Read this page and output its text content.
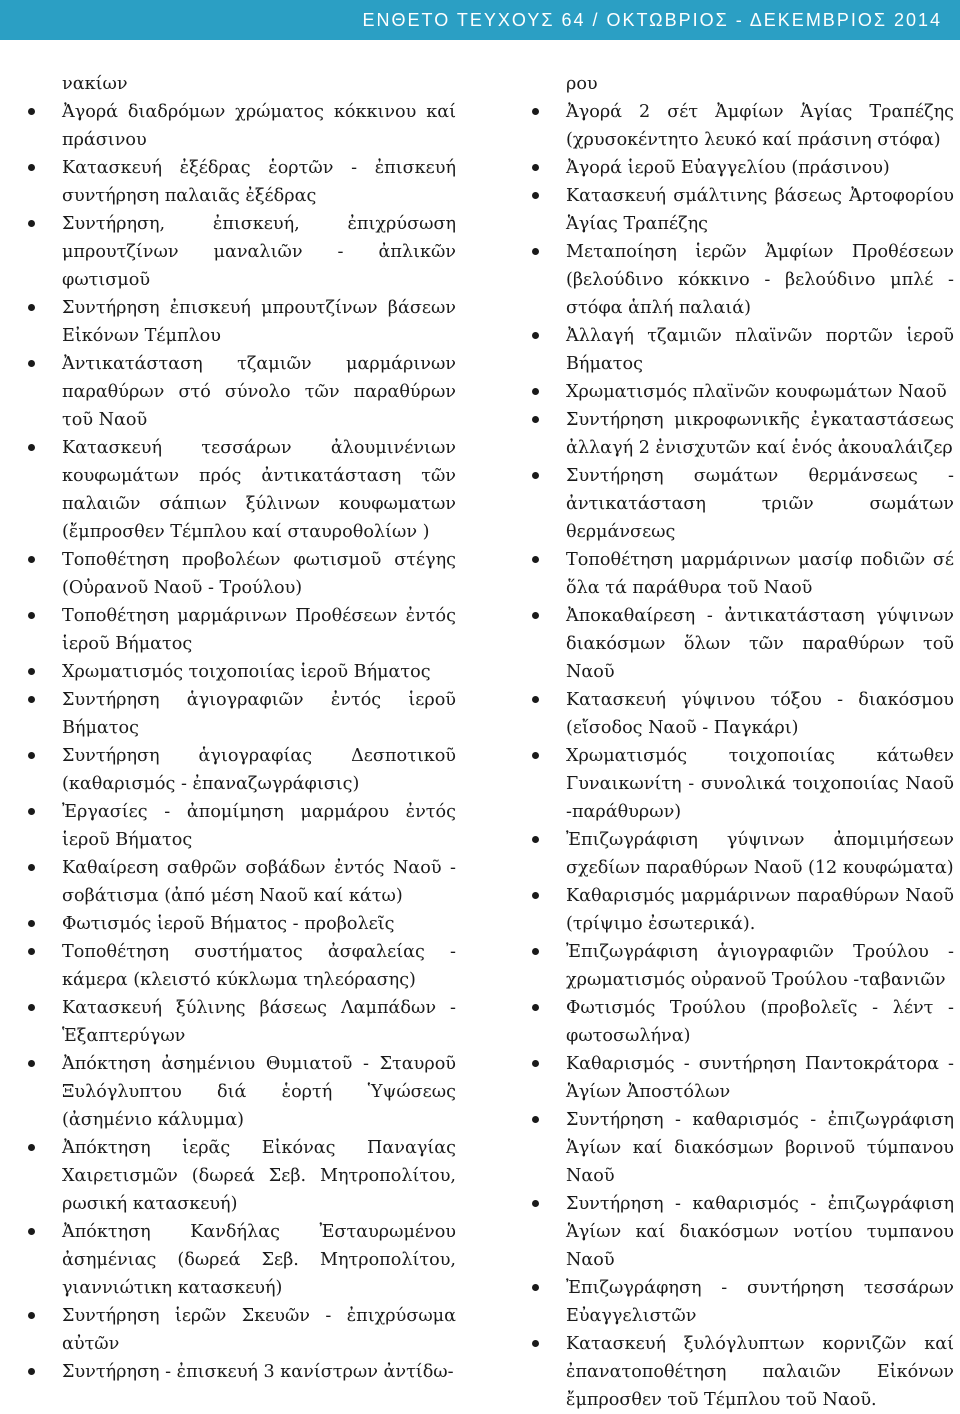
ΕΝΘΕΤΟ ΤΕΥΧΟΥΣ 64 / ΟΚΤΩΒΡΙΟΣ - ΔΕΚΕΜΒΡΙΟΣ 2014

νακίων

Ἀγορά διαδρόμων χρώματος κόκκινου καί πράσινου
Κατασκευή ἐξέδρας ἑορτῶν - ἐπισκευή συντήρηση παλαιᾶς ἐξέδρας
Συντήρηση, ἐπισκευή, ἐπιχρύσωση μπρουτζίνων μαναλιῶν - ἀπλικῶν φωτισμοῦ
Συντήρηση ἐπισκευή μπρουτζίνων βάσεων Εἰκόνων Τέμπλου
Ἀντικατάσταση τζαμιῶν μαρμάρινων παραθύρων στό σύνολο τῶν παραθύρων τοῦ Ναοῦ
Κατασκευή τεσσάρων ἀλουμινένιων κουφωμάτων πρός ἀντικατάσταση τῶν παλαιῶν σάπιων ξύλινων κουφωματων (ἔμπροσθεν Τέμπλου καί σταυροθολίων )
Τοποθέτηση προβολέων φωτισμοῦ στέγης (Οὐρανοῦ Ναοῦ - Τρούλου)
Τοποθέτηση μαρμάρινων Προθέσεων ἐντός ἱεροῦ Βήματος
Χρωματισμός τοιχοποιίας ἱεροῦ Βήματος
Συντήρηση ἁγιογραφιῶν ἐντός ἱεροῦ Βήματος
Συντήρηση ἁγιογραφίας Δεσποτικοῦ (καθαρισμός - ἐπαναζωγράφισις)
Ἐργασίες - ἀπομίμηση μαρμάρου ἐντός ἱεροῦ Βήματος
Καθαίρεση σαθρῶν σοβάδων ἐντός Ναοῦ - σοβάτισμα (ἀπό μέση Ναοῦ καί κάτω)
Φωτισμός ἱεροῦ Βήματος - προβολεῖς
Τοποθέτηση συστήματος ἀσφαλείας - κάμερα (κλειστό κύκλωμα τηλεόρασης)
Κατασκευή ξύλινης βάσεως Λαμπάδων - Ἑξαπτερύγων
Ἀπόκτηση ἀσημένιου Θυμιατοῦ - Σταυροῦ Ξυλόγλυπτου διά ἑορτή Ὑψώσεως (ἀσημένιο κάλυμμα)
Ἀπόκτηση ἱερᾶς Εἰκόνας Παναγίας Χαιρετισμῶν (δωρεά Σεβ. Μητροπολίτου, ρωσική κατασκευή)
Ἀπόκτηση Κανδήλας Ἐσταυρωμένου ἀσημένιας (δωρεά Σεβ. Μητροπολίτου, γιαννιώτικη κατασκευή)
Συντήρηση ἱερῶν Σκευῶν - ἐπιχρύσωμα αὐτῶν
Συντήρηση - ἐπισκευή 3 κανίστρων ἀντίδω-

ρου

Ἀγορά 2 σέτ Ἀμφίων Ἁγίας Τραπέζης (χρυσοκέντητο λευκό καί πράσινη στόφα)
Ἀγορά ἱεροῦ Εὐαγγελίου (πράσινου)
Κατασκευή σμάλτινης βάσεως Ἀρτοφορίου Ἁγίας Τραπέζης
Μεταποίηση ἱερῶν Ἀμφίων Προθέσεων (βελούδινο κόκκινο - βελούδινο μπλέ - στόφα ἁπλή παλαιά)
Ἀλλαγή τζαμιῶν πλαϊνῶν πορτῶν ἱεροῦ Βήματος
Χρωματισμός πλαϊνῶν κουφωμάτων Ναοῦ
Συντήρηση μικροφωνικῆς ἐγκαταστάσεως ἀλλαγή 2 ἐνισχυτῶν καί ἑνός ἀκουαλάιζερ
Συντήρηση σωμάτων θερμάνσεως - ἀντικατάσταση τριῶν σωμάτων θερμάνσεως
Τοποθέτηση μαρμάρινων μασίφ ποδιῶν σέ ὅλα τά παράθυρα τοῦ Ναοῦ
Ἀποκαθαίρεση - ἀντικατάσταση γύψινων διακόσμων ὅλων τῶν παραθύρων τοῦ Ναοῦ
Κατασκευή γύψινου τόξου - διακόσμου (εἴσοδος Ναοῦ - Παγκάρι)
Χρωματισμός τοιχοποιίας κάτωθεν Γυναικωνίτη - συνολικά τοιχοποιίας Ναοῦ -παράθυρων)
Ἐπιζωγράφιση γύψινων ἀπομιμήσεων σχεδίων παραθύρων Ναοῦ (12 κουφώματα)
Καθαρισμός μαρμάρινων παραθύρων Ναοῦ (τρίψιμο ἐσωτερικά).
Ἐπιζωγράφιση ἁγιογραφιῶν Τρούλου - χρωματισμός οὐρανοῦ Τρούλου -ταβανιῶν
Φωτισμός Τρούλου (προβολεῖς - λέντ - φωτοσωλήνα)
Καθαρισμός - συντήρηση Παντοκράτορα - Ἁγίων Ἀποστόλων
Συντήρηση - καθαρισμός - ἐπιζωγράφιση Ἁγίων καί διακόσμων βορινοῦ τύμπανου Ναοῦ
Συντήρηση - καθαρισμός - ἐπιζωγράφιση Ἁγίων καί διακόσμων νοτίου τυμπανου Ναοῦ
Ἐπιζωγράφηση - συντήρηση τεσσάρων Εὐαγγελιστῶν
Κατασκευή ξυλόγλυπτων κορνιζῶν καί ἐπανατοποθέτηση παλαιῶν Εἰκόνων ἔμπροσθεν τοῦ Τέμπλου τοῦ Ναοῦ.
